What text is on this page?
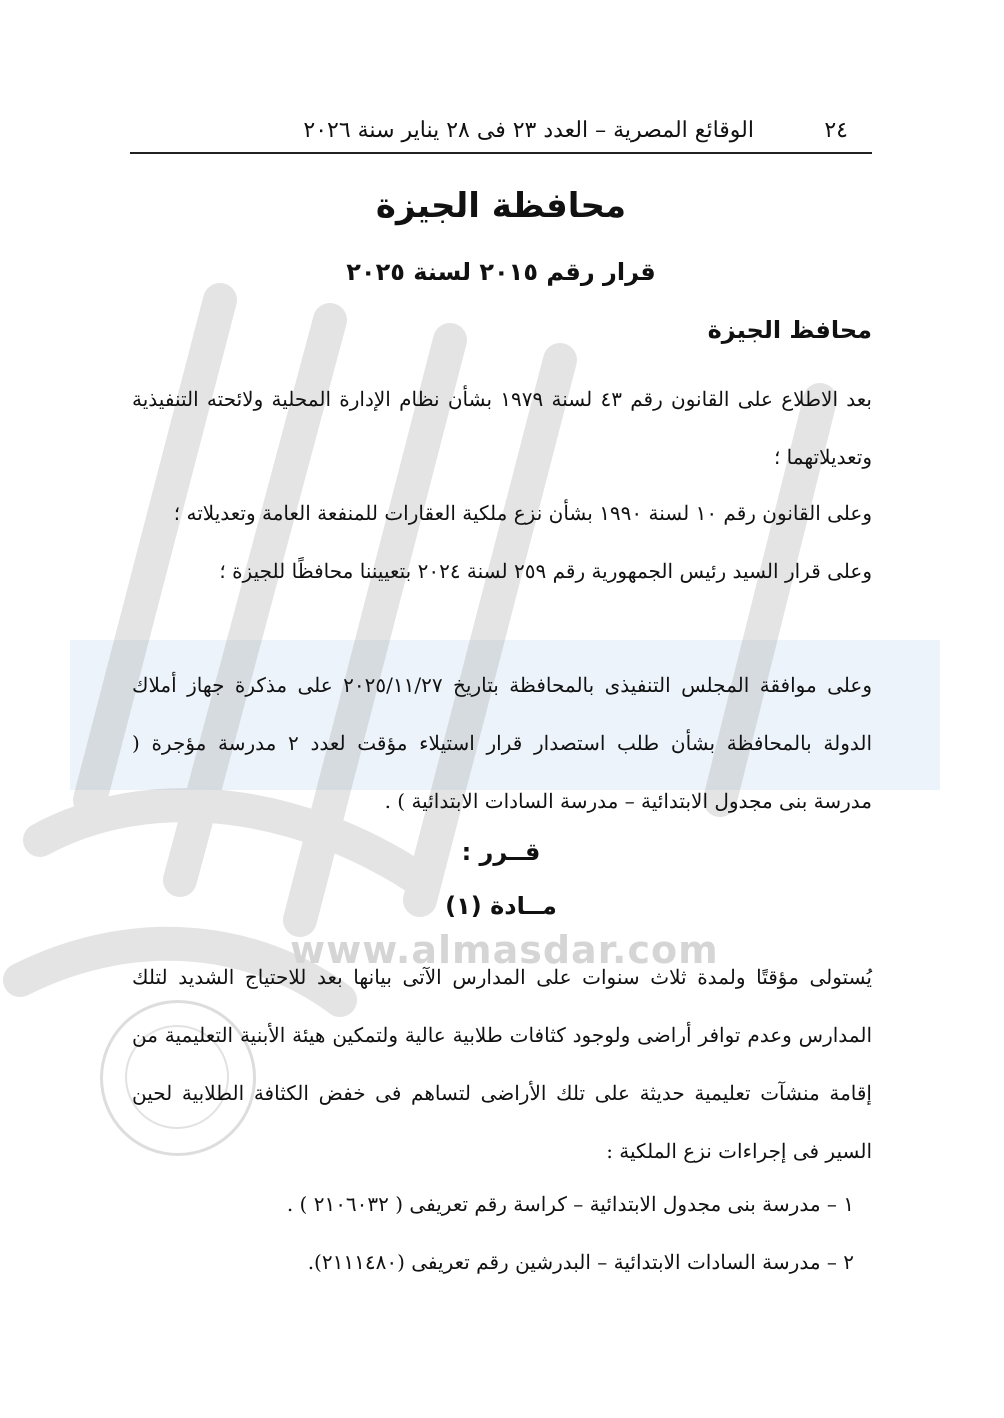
www.almasdar.com
٢٤
الوقائع المصرية – العدد ٢٣ فى ٢٨ يناير سنة ٢٠٢٦
محافظة الجيزة
قرار رقم ٢٠١٥ لسنة ٢٠٢٥
محافظ الجيزة
بعد الاطلاع على القانون رقم ٤٣ لسنة ١٩٧٩ بشأن نظام الإدارة المحلية ولائحته التنفيذية وتعديلاتهما ؛
وعلى القانون رقم ١٠ لسنة ١٩٩٠ بشأن نزع ملكية العقارات للمنفعة العامة وتعديلاته ؛
وعلى قرار السيد رئيس الجمهورية رقم ٢٥٩ لسنة ٢٠٢٤ بتعييننا محافظًا للجيزة ؛
وعلى موافقة المجلس التنفيذى بالمحافظة بتاريخ ٢٠٢٥/١١/٢٧ على مذكرة جهاز أملاك الدولة بالمحافظة بشأن طلب استصدار قرار استيلاء مؤقت لعدد ٢ مدرسة مؤجرة ( مدرسة بنى مجدول الابتدائية – مدرسة السادات الابتدائية ) .
قــرر :
مــادة (١)
يُستولى مؤقتًا ولمدة ثلاث سنوات على المدارس الآتى بيانها بعد للاحتياج الشديد لتلك المدارس وعدم توافر أراضى ولوجود كثافات طلابية عالية ولتمكين هيئة الأبنية التعليمية من إقامة منشآت تعليمية حديثة على تلك الأراضى لتساهم فى خفض الكثافة الطلابية لحين السير فى إجراءات نزع الملكية :
١ – مدرسة بنى مجدول الابتدائية – كراسة رقم تعريفى ( ٢١٠٦٠٣٢ ) .
٢ – مدرسة السادات الابتدائية – البدرشين رقم تعريفى (٢١١١٤٨٠).
